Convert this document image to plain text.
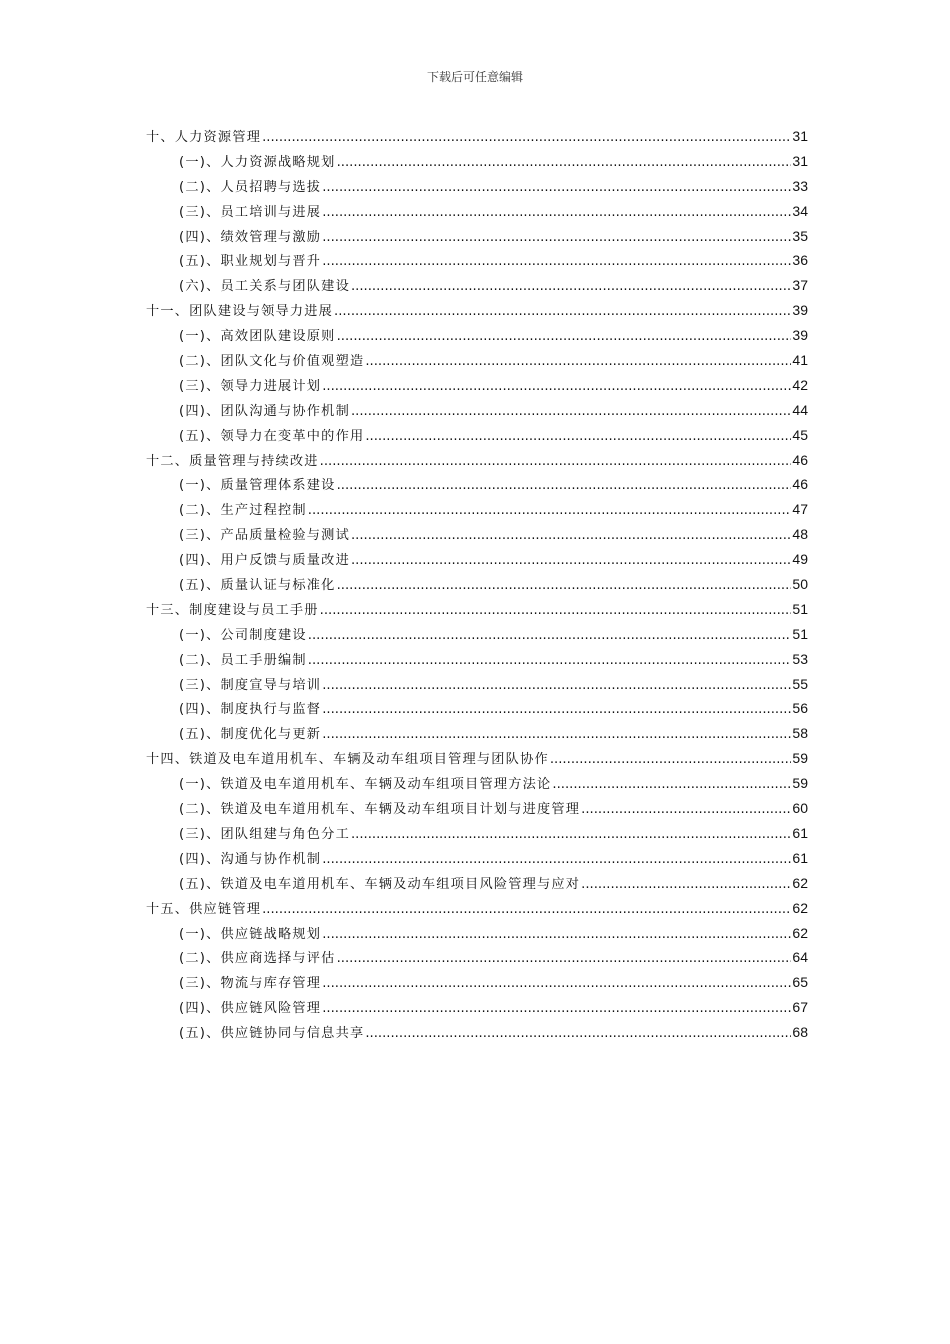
下载后可任意编辑
十、人力资源管理 .....	31
(一)、人力资源战略规划 .....	31
(二)、人员招聘与选拔 .....	33
(三)、员工培训与进展 .....	34
(四)、绩效管理与激励 .....	35
(五)、职业规划与晋升 .....	36
(六)、员工关系与团队建设 .....	37
十一、团队建设与领导力进展 .....	39
(一)、高效团队建设原则 .....	39
(二)、团队文化与价值观塑造 .....	41
(三)、领导力进展计划 .....	42
(四)、团队沟通与协作机制 .....	44
(五)、领导力在变革中的作用 .....	45
十二、质量管理与持续改进 .....	46
(一)、质量管理体系建设 .....	46
(二)、生产过程控制 .....	47
(三)、产品质量检验与测试 .....	48
(四)、用户反馈与质量改进 .....	49
(五)、质量认证与标准化 .....	50
十三、制度建设与员工手册 .....	51
(一)、公司制度建设 .....	51
(二)、员工手册编制 .....	53
(三)、制度宣导与培训 .....	55
(四)、制度执行与监督 .....	56
(五)、制度优化与更新 .....	58
十四、铁道及电车道用机车、车辆及动车组项目管理与团队协作 .....	59
(一)、铁道及电车道用机车、车辆及动车组项目管理方法论 .....	59
(二)、铁道及电车道用机车、车辆及动车组项目计划与进度管理 .....	60
(三)、团队组建与角色分工 .....	61
(四)、沟通与协作机制 .....	61
(五)、铁道及电车道用机车、车辆及动车组项目风险管理与应对 .....	62
十五、供应链管理 .....	62
(一)、供应链战略规划 .....	62
(二)、供应商选择与评估 .....	64
(三)、物流与库存管理 .....	65
(四)、供应链风险管理 .....	67
(五)、供应链协同与信息共享 .....	68
